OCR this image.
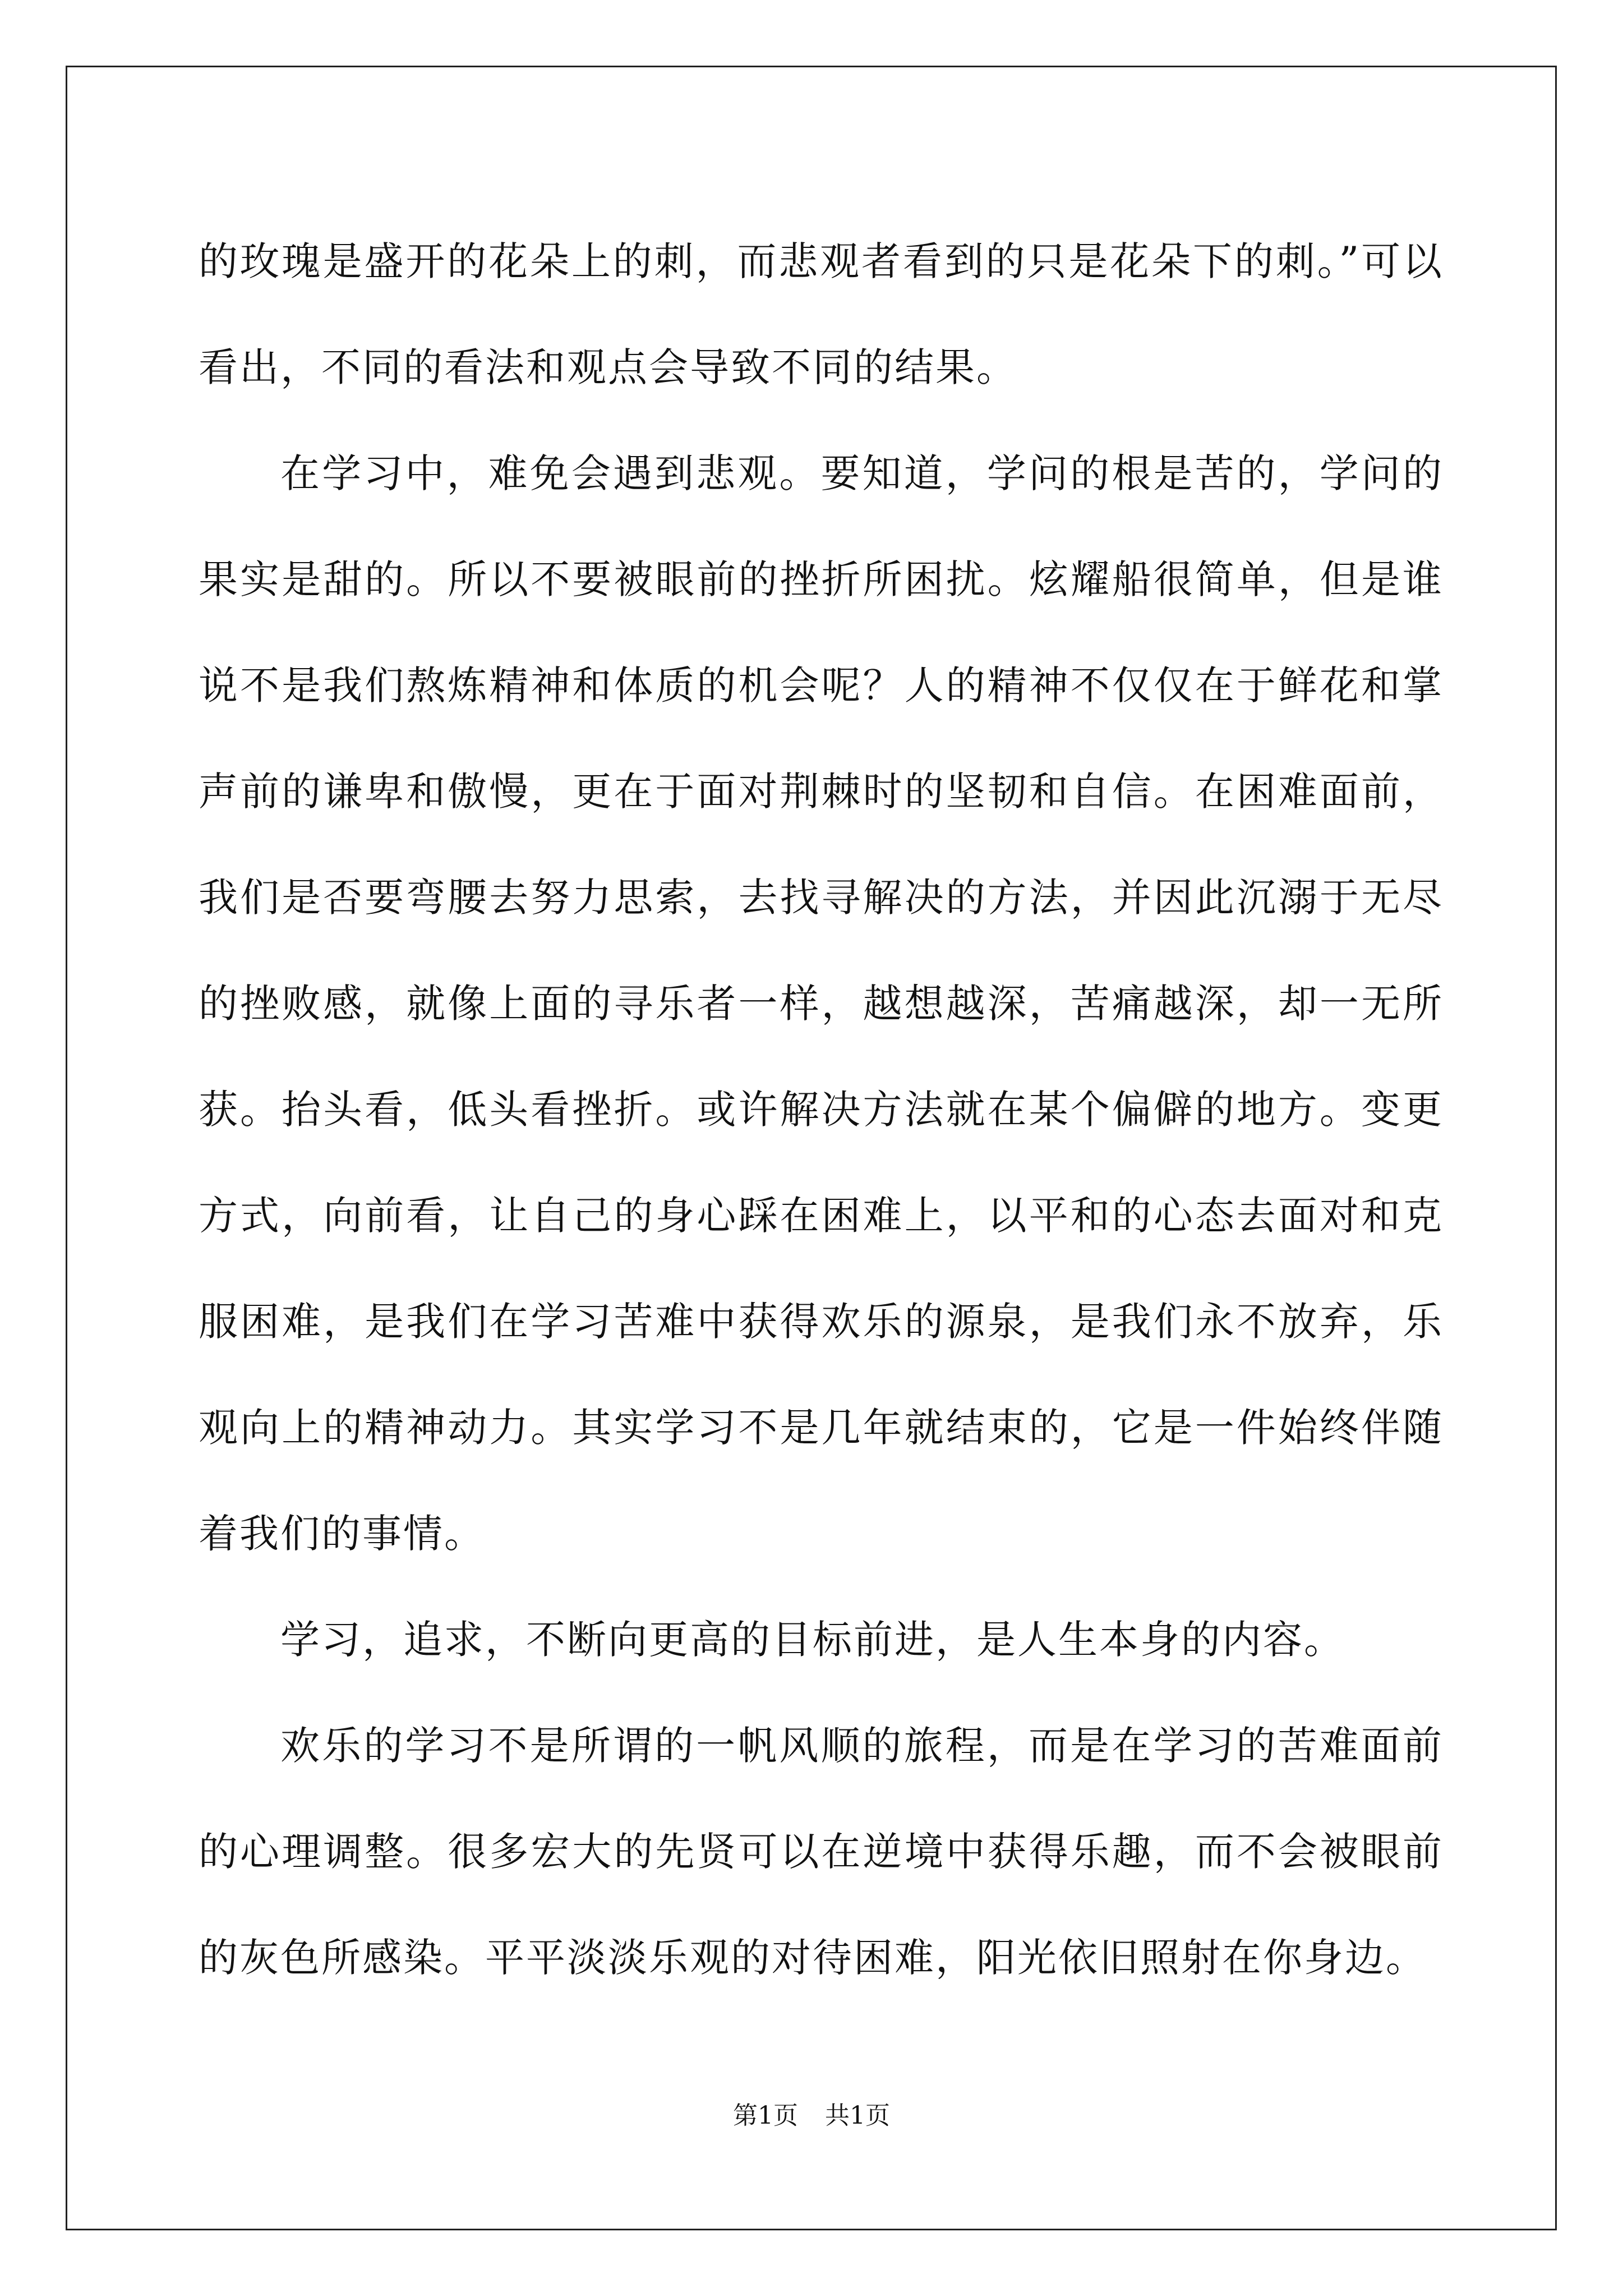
的玫瑰是盛开的花朵上的刺，而悲观者看到的只是花朵下的刺。”可以看出，不同的看法和观点会导致不同的结果。

在学习中，难免会遇到悲观。要知道，学问的根是苦的，学问的果实是甜的。所以不要被眼前的挫折所困扰。炫耀船很简单，但是谁说不是我们熬炼精神和体质的机会呢？人的精神不仅仅在于鲜花和掌声前的谦卑和傲慢，更在于面对荆棘时的坚韧和自信。在困难面前，我们是否要弯腰去努力思索，去找寻解决的方法，并因此沉溺于无尽的挫败感，就像上面的寻乐者一样，越想越深，苦痛越深，却一无所获。抬头看，低头看挫折。或许解决方法就在某个偏僻的地方。变更方式，向前看，让自己的身心踩在困难上，以平和的心态去面对和克服困难，是我们在学习苦难中获得欢乐的源泉，是我们永不放弃，乐观向上的精神动力。其实学习不是几年就结束的，它是一件始终伴随着我们的事情。

学习，追求，不断向更高的目标前进，是人生本身的内容。

欢乐的学习不是所谓的一帆风顺的旅程，而是在学习的苦难面前的心理调整。很多宏大的先贤可以在逆境中获得乐趣，而不会被眼前的灰色所感染。平平淡淡乐观的对待困难，阳光依旧照射在你身边。

第1页 共1页
